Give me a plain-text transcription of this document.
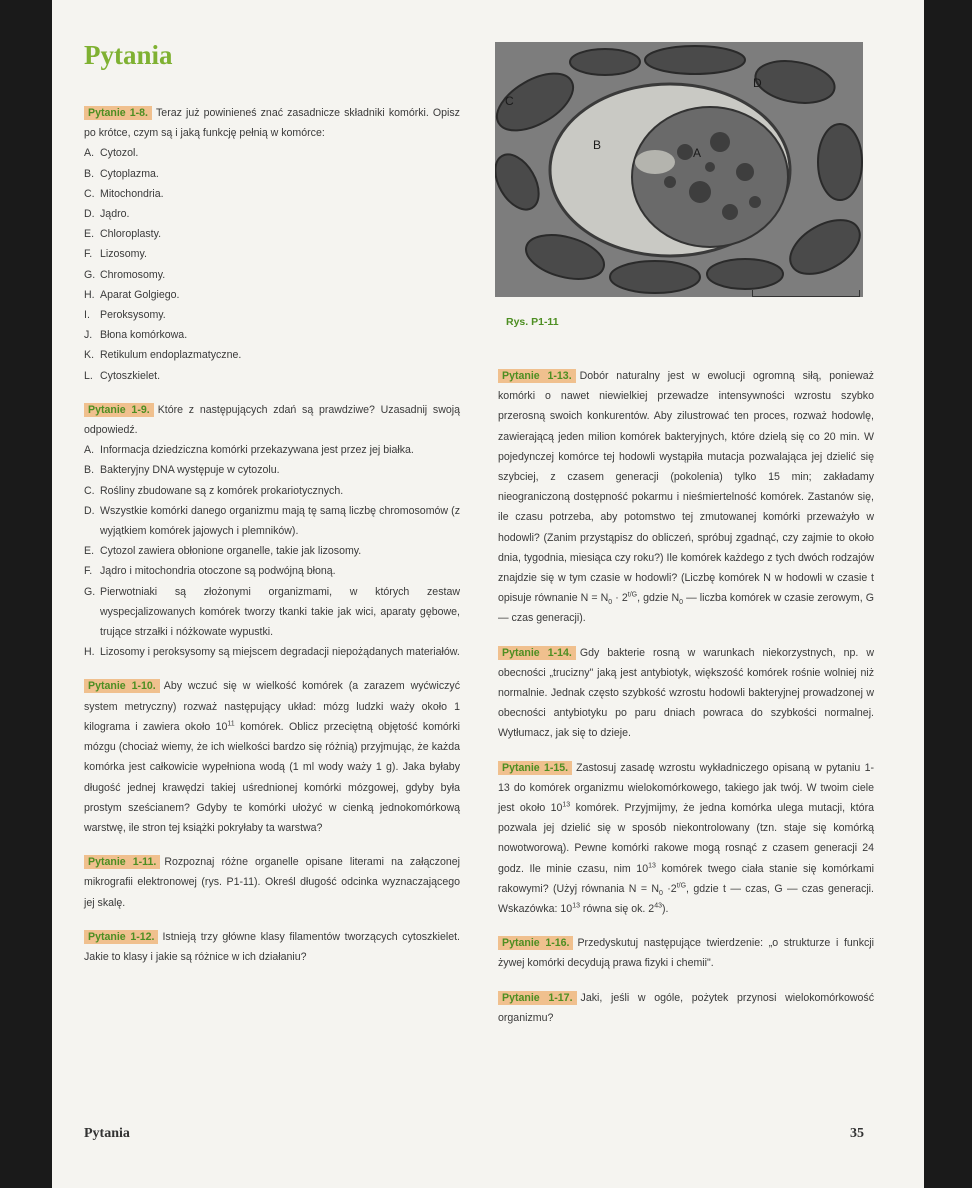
Pytania

Pytanie 1-8. Teraz już powinieneś znać zasadnicze składniki komórki. Opisz po krótce, czym są i jaką funkcję pełnią w komórce:

A. Cytozol.
B. Cytoplazma.
C. Mitochondria.
D. Jądro.
E. Chloroplasty.
F. Lizosomy.
G. Chromosomy.
H. Aparat Golgiego.
I. Peroksysomy.
J. Błona komórkowa.
K. Retikulum endoplazmatyczne.
L. Cytoszkielet.

Pytanie 1-9. Które z następujących zdań są prawdziwe? Uzasadnij swoją odpowiedź.

A. Informacja dziedziczna komórki przekazywana jest przez jej białka.
B. Bakteryjny DNA występuje w cytozolu.
C. Rośliny zbudowane są z komórek prokariotycznych.
D. Wszystkie komórki danego organizmu mają tę samą liczbę chromosomów (z wyjątkiem komórek jajowych i plemników).
E. Cytozol zawiera obłonione organelle, takie jak lizosomy.
F. Jądro i mitochondria otoczone są podwójną błoną.
G. Pierwotniaki są złożonymi organizmami, w których zestaw wyspecjalizowanych komórek tworzy tkanki takie jak wici, aparaty gębowe, trujące strzałki i nóżkowate wypustki.
H. Lizosomy i peroksysomy są miejscem degradacji niepożądanych materiałów.

Pytanie 1-10. Aby wczuć się w wielkość komórek (a zarazem wyćwiczyć system metryczny) rozważ następujący układ: mózg ludzki waży około 1 kilograma i zawiera około $10^{11}$ komórek. Oblicz przeciętną objętość komórki mózgu (chociaż wiemy, że ich wielkości bardzo się różnią) przyjmując, że każda komórka jest całkowicie wypełniona wodą (1 ml wody waży 1 g). Jaka byłaby długość jednej krawędzi takiej uśrednionej komórki mózgowej, gdyby była prostym sześcianem? Gdyby te komórki ułożyć w cienką jednokomórkową warstwę, ile stron tej książki pokryłaby ta warstwa?

Pytanie 1-11. Rozpoznaj różne organelle opisane literami na załączonej mikrografii elektronowej (rys. P1-11). Określ długość odcinka wyznaczającego jej skalę.

Pytanie 1-12. Istnieją trzy główne klasy filamentów tworzących cytoszkielet. Jakie to klasy i jakie są różnice w ich działaniu?

A
B
C
D

Rys. P1-11

Pytanie 1-13. Dobór naturalny jest w ewolucji ogromną siłą, ponieważ komórki o nawet niewielkiej przewadze intensywności wzrostu szybko przerosną swoich konkurentów. Aby zilustrować ten proces, rozważ hodowlę, zawierającą jeden milion komórek bakteryjnych, które dzielą się co 20 min. W pojedynczej komórce tej hodowli wystąpiła mutacja pozwalająca jej dzielić się szybciej, z czasem generacji (pokolenia) tylko 15 min; zakładamy nieograniczoną dostępność pokarmu i nieśmiertelność komórek. Zastanów się, ile czasu potrzeba, aby potomstwo tej zmutowanej komórki przeważyło w hodowli? (Zanim przystąpisz do obliczeń, spróbuj zgadnąć, czy zajmie to około dnia, tygodnia, miesiąca czy roku?) Ile komórek każdego z tych dwóch rodzajów znajdzie się w tym czasie w hodowli? (Liczbę komórek N w hodowli w czasie t opisuje równanie $N = N_0 \cdot 2^{t/G}$, gdzie $N_0$ — liczba komórek w czasie zerowym, G — czas generacji).

Pytanie 1-14. Gdy bakterie rosną w warunkach niekorzystnych, np. w obecności „trucizny" jaką jest antybiotyk, większość komórek rośnie wolniej niż normalnie. Jednak często szybkość wzrostu hodowli bakteryjnej prowadzonej w obecności antybiotyku po paru dniach powraca do szybkości normalnej. Wytłumacz, jak się to dzieje.

Pytanie 1-15. Zastosuj zasadę wzrostu wykładniczego opisaną w pytaniu 1-13 do komórek organizmu wielokomórkowego, takiego jak twój. W twoim ciele jest około $10^{13}$ komórek. Przyjmijmy, że jedna komórka ulega mutacji, która pozwala jej dzielić się w sposób niekontrolowany (tzn. staje się komórką nowotworową). Pewne komórki rakowe mogą rosnąć z czasem generacji 24 godz. Ile minie czasu, nim $10^{13}$ komórek twego ciała stanie się komórkami rakowymi? (Użyj równania $N = N_0 \cdot 2^{t/G}$, gdzie t — czas, G — czas generacji. Wskazówka: $10^{13}$ równa się ok. $2^{43}$).

Pytanie 1-16. Przedyskutuj następujące twierdzenie: „o strukturze i funkcji żywej komórki decydują prawa fizyki i chemii".

Pytanie 1-17. Jaki, jeśli w ogóle, pożytek przynosi wielokomórkowość organizmu?

Pytania	35
